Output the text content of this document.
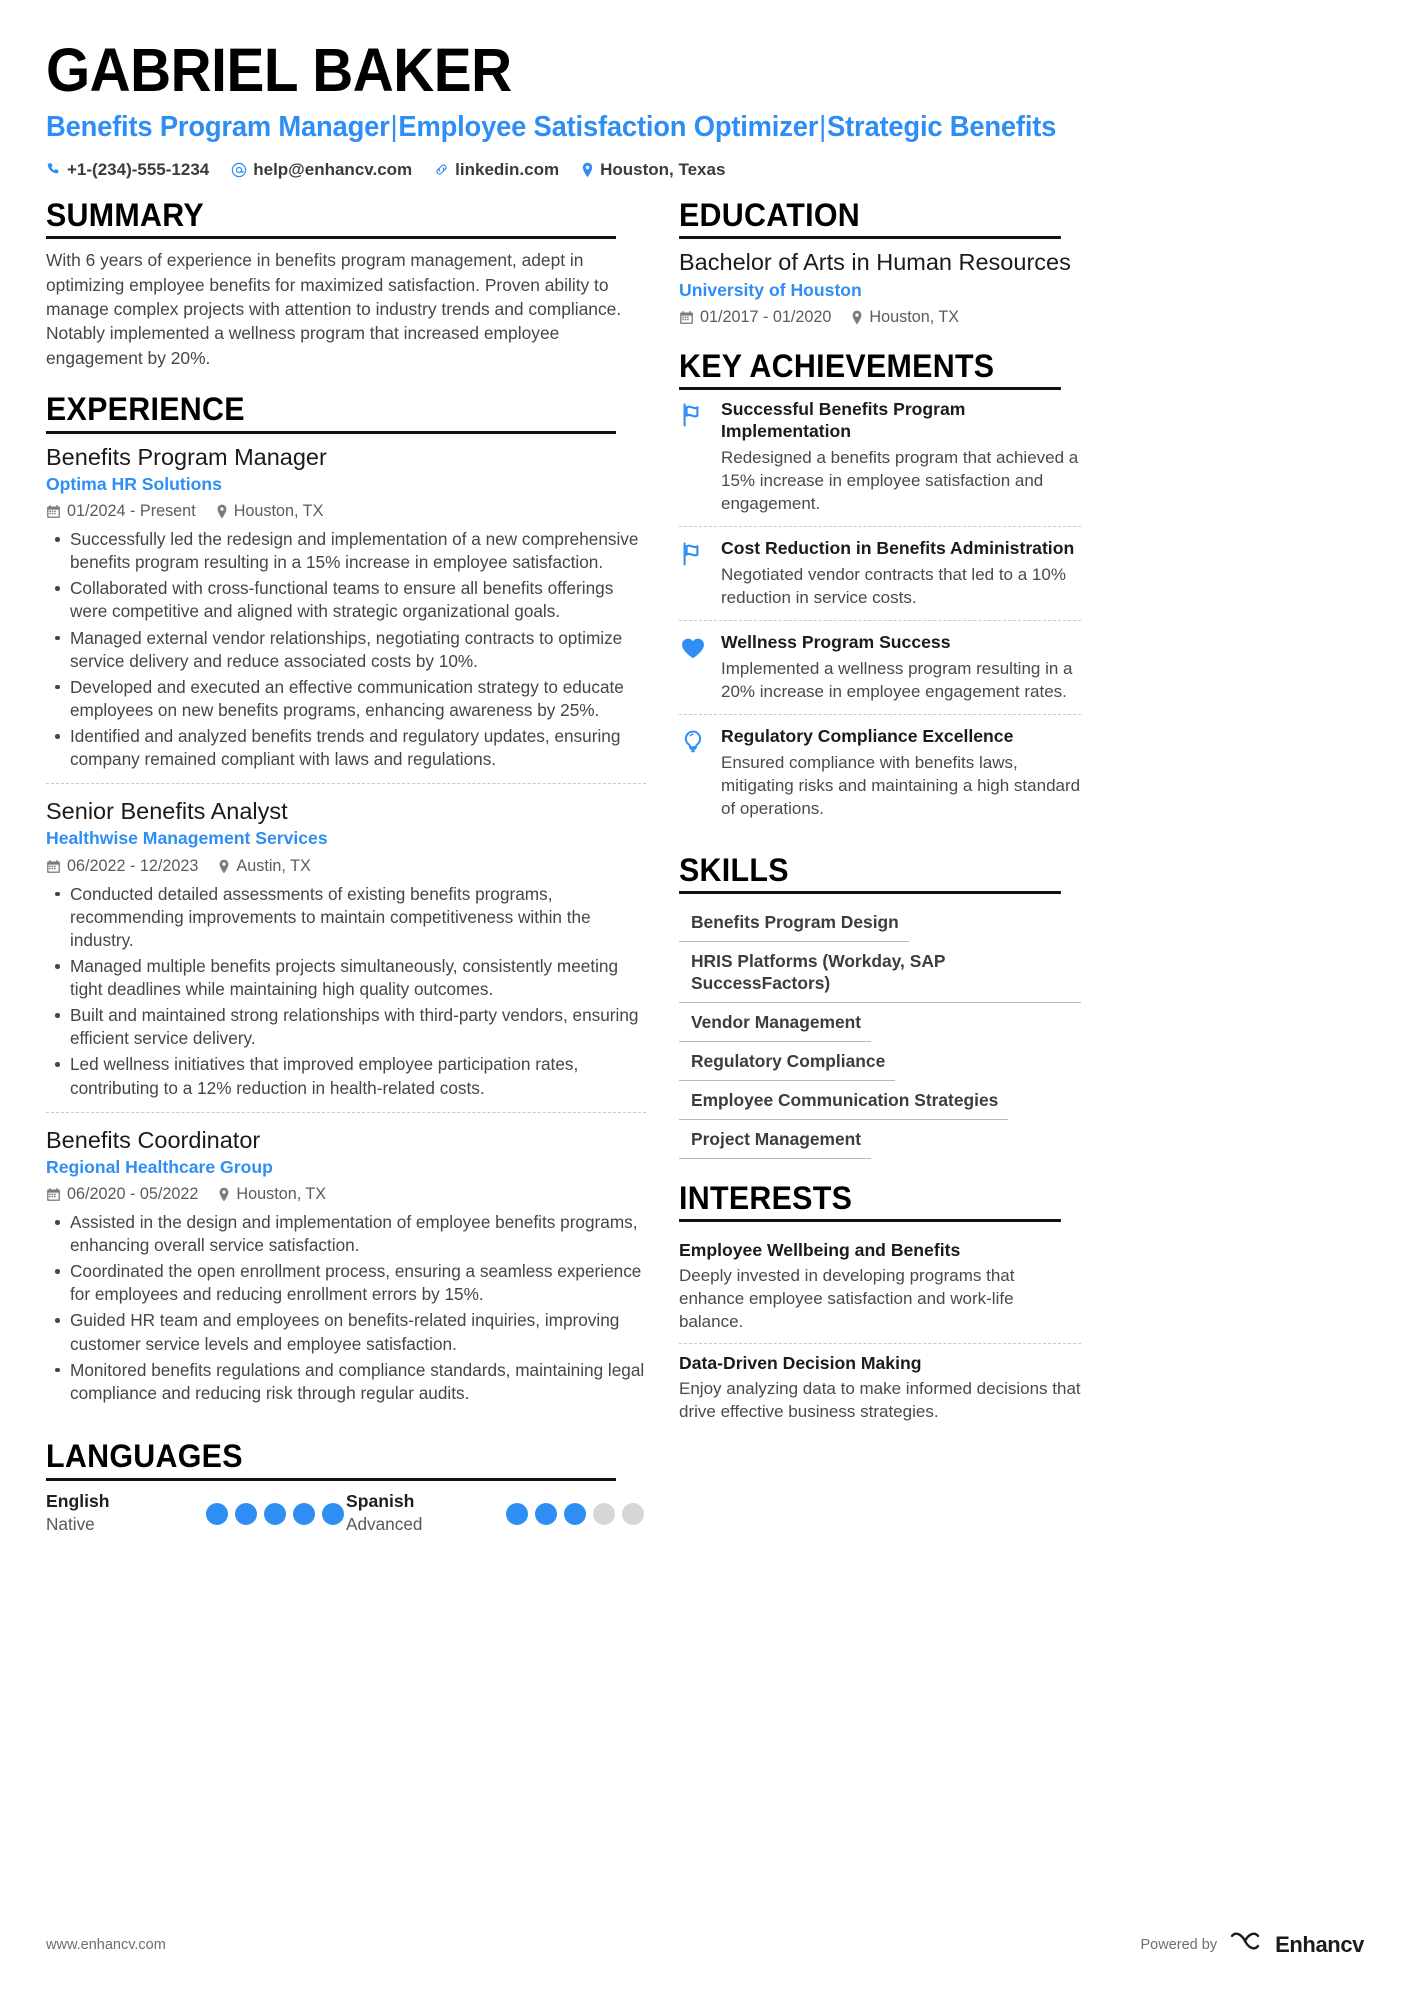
GABRIEL BAKER
Benefits Program Manager|Employee Satisfaction Optimizer|Strategic Benefits
+1-(234)-555-1234	help@enhancv.com	linkedin.com Houston, Texas
SUMMARY
With 6 years of experience in benefits program management, adept in optimizing employee benefits for maximized satisfaction. Proven ability to manage complex projects with attention to industry trends and compliance. Notably implemented a wellness program that increased employee engagement by 20%.
EXPERIENCE
Benefits Program Manager
Optima HR Solutions
01/2024 - Present Houston, TX
Successfully led the redesign and implementation of a new comprehensive benefits program resulting in a 15% increase in employee satisfaction.
Collaborated with cross-functional teams to ensure all benefits offerings were competitive and aligned with strategic organizational goals.
Managed external vendor relationships, negotiating contracts to optimize service delivery and reduce associated costs by 10%.
Developed and executed an effective communication strategy to educate employees on new benefits programs, enhancing awareness by 25%.
Identified and analyzed benefits trends and regulatory updates, ensuring company remained compliant with laws and regulations.
Senior Benefits Analyst
Healthwise Management Services
06/2022 - 12/2023 Austin, TX
Conducted detailed assessments of existing benefits programs, recommending improvements to maintain competitiveness within the industry.
Managed multiple benefits projects simultaneously, consistently meeting tight deadlines while maintaining high quality outcomes.
Built and maintained strong relationships with third-party vendors, ensuring efficient service delivery.
Led wellness initiatives that improved employee participation rates, contributing to a 12% reduction in health-related costs.
Benefits Coordinator
Regional Healthcare Group
06/2020 - 05/2022 Houston, TX
Assisted in the design and implementation of employee benefits programs, enhancing overall service satisfaction.
Coordinated the open enrollment process, ensuring a seamless experience for employees and reducing enrollment errors by 15%.
Guided HR team and employees on benefits-related inquiries, improving customer service levels and employee satisfaction.
Monitored benefits regulations and compliance standards, maintaining legal compliance and reducing risk through regular audits.
LANGUAGES
English
Native
Spanish
Advanced
EDUCATION
Bachelor of Arts in Human Resources
University of Houston
01/2017 - 01/2020 Houston, TX
KEY ACHIEVEMENTS
Successful Benefits Program Implementation
Redesigned a benefits program that achieved a 15% increase in employee satisfaction and engagement.
Cost Reduction in Benefits Administration
Negotiated vendor contracts that led to a 10% reduction in service costs.
Wellness Program Success
Implemented a wellness program resulting in a 20% increase in employee engagement rates.
Regulatory Compliance Excellence
Ensured compliance with benefits laws, mitigating risks and maintaining a high standard of operations.
SKILLS
Benefits Program Design
HRIS Platforms (Workday, SAP SuccessFactors)
Vendor Management
Regulatory Compliance
Employee Communication Strategies
Project Management
INTERESTS
Employee Wellbeing and Benefits
Deeply invested in developing programs that enhance employee satisfaction and work-life balance.
Data-Driven Decision Making
Enjoy analyzing data to make informed decisions that drive effective business strategies.
www.enhancv.com	Powered by	Enhancv
